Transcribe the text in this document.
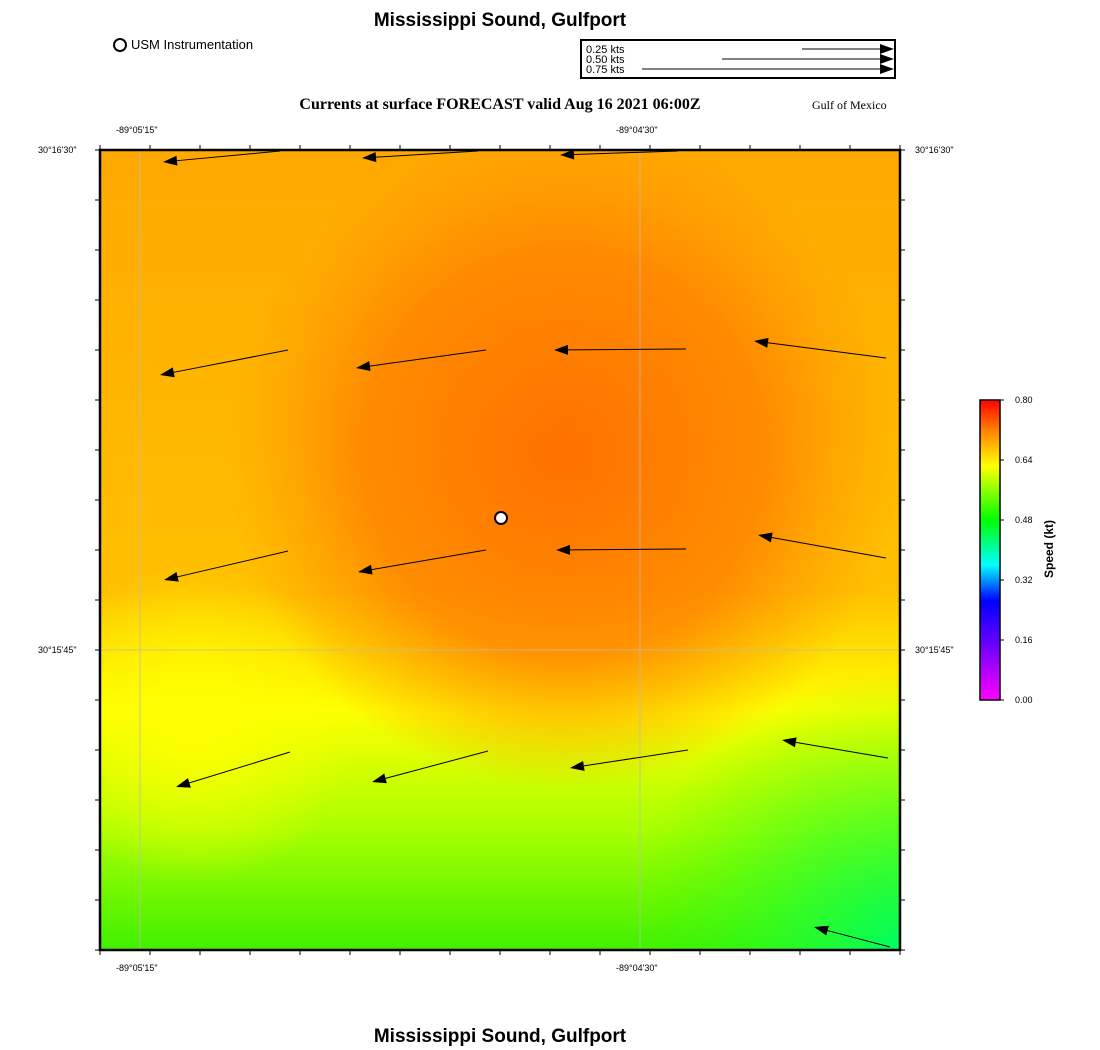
Mississippi Sound, Gulfport
USM Instrumentation	0.25 kts
0.50 kts
0.75 kts
Currents at surface FORECAST valid Aug 16 2021 06:00Z	Gulf of Mexico
-89°05'15"	-89°04'30"
-89°05'15"	-89°04'30"
30°16'30"
30°15'45"
30°16'30"
30°15'45"
0.80
0.64
0.48
0.32
0.16
0.00
Speed (kt)
Mississippi Sound, Gulfport
